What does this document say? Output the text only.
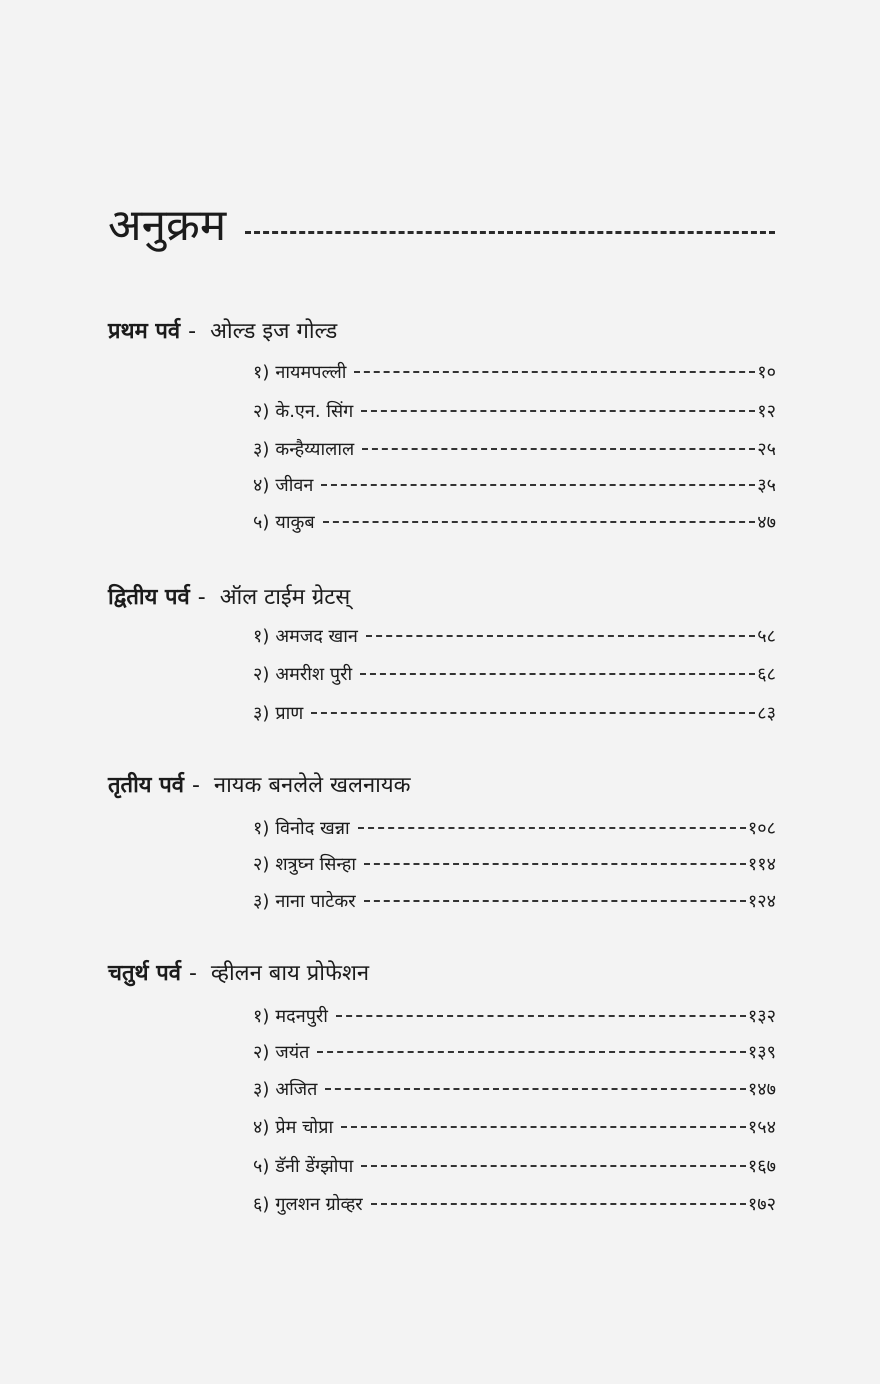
अनुक्रम
प्रथम पर्व - ओल्ड इज गोल्ड
१) नायमपल्ली	१०
२) के.एन. सिंग	१२
३) कन्हैय्यालाल	२५
४) जीवन	३५
५) याकुब	४७
द्वितीय पर्व - ऑल टाईम ग्रेटस्
१) अमजद खान	५८
२) अमरीश पुरी	६८
३) प्राण	८३
तृतीय पर्व - नायक बनलेले खलनायक
१) विनोद खन्ना	१०८
२) शत्रुघ्न सिन्हा	११४
३) नाना पाटेकर	१२४
चतुर्थ पर्व - व्हीलन बाय प्रोफेशन
१) मदनपुरी	१३२
२) जयंत	१३९
३) अजित	१४७
४) प्रेम चोप्रा	१५४
५) डॅनी डेंग्झोपा	१६७
६) गुलशन ग्रोव्हर	१७२
